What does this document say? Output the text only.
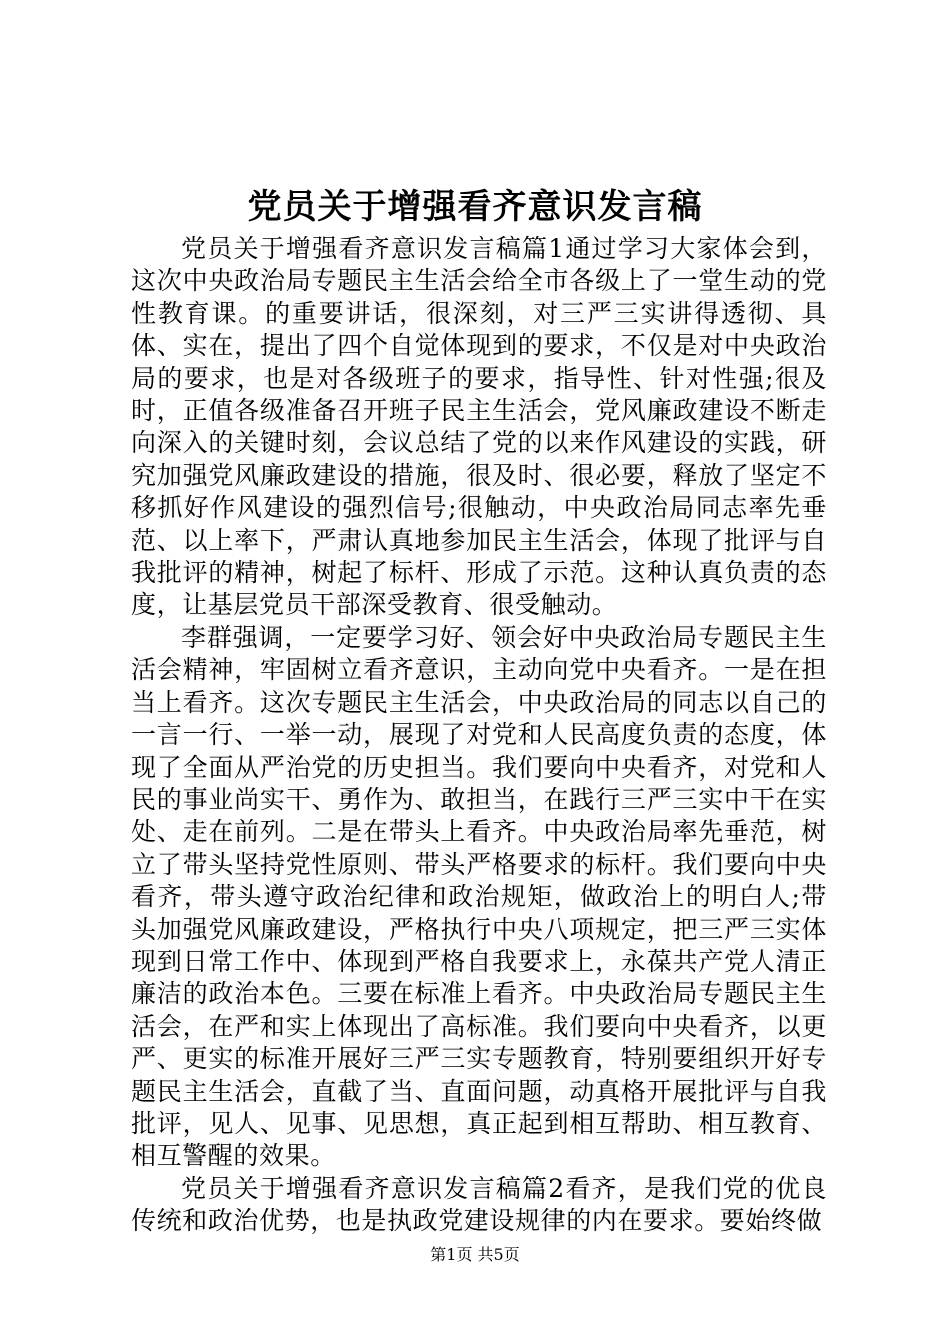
党员关于增强看齐意识发言稿

党员关于增强看齐意识发言稿篇1通过学习大家体会到，这次中央政治局专题民主生活会给全市各级上了一堂生动的党性教育课。的重要讲话，很深刻，对三严三实讲得透彻、具体、实在，提出了四个自觉体现到的要求，不仅是对中央政治局的要求，也是对各级班子的要求，指导性、针对性强;很及时，正值各级准备召开班子民主生活会，党风廉政建设不断走向深入的关键时刻，会议总结了党的以来作风建设的实践，研究加强党风廉政建设的措施，很及时、很必要，释放了坚定不移抓好作风建设的强烈信号;很触动，中央政治局同志率先垂范、以上率下，严肃认真地参加民主生活会，体现了批评与自我批评的精神，树起了标杆、形成了示范。这种认真负责的态度，让基层党员干部深受教育、很受触动。

李群强调，一定要学习好、领会好中央政治局专题民主生活会精神，牢固树立看齐意识，主动向党中央看齐。一是在担当上看齐。这次专题民主生活会，中央政治局的同志以自己的一言一行、一举一动，展现了对党和人民高度负责的态度，体现了全面从严治党的历史担当。我们要向中央看齐，对党和人民的事业尚实干、勇作为、敢担当，在践行三严三实中干在实处、走在前列。二是在带头上看齐。中央政治局率先垂范，树立了带头坚持党性原则、带头严格要求的标杆。我们要向中央看齐，带头遵守政治纪律和政治规矩，做政治上的明白人;带头加强党风廉政建设，严格执行中央八项规定，把三严三实体现到日常工作中、体现到严格自我要求上，永葆共产党人清正廉洁的政治本色。三要在标准上看齐。中央政治局专题民主生活会，在严和实上体现出了高标准。我们要向中央看齐，以更严、更实的标准开展好三严三实专题教育，特别要组织开好专题民主生活会，直截了当、直面问题，动真格开展批评与自我批评，见人、见事、见思想，真正起到相互帮助、相互教育、相互警醒的效果。

党员关于增强看齐意识发言稿篇2看齐，是我们党的优良传统和政治优势，也是执政党建设规律的内在要求。要始终做

第1页 共5页
